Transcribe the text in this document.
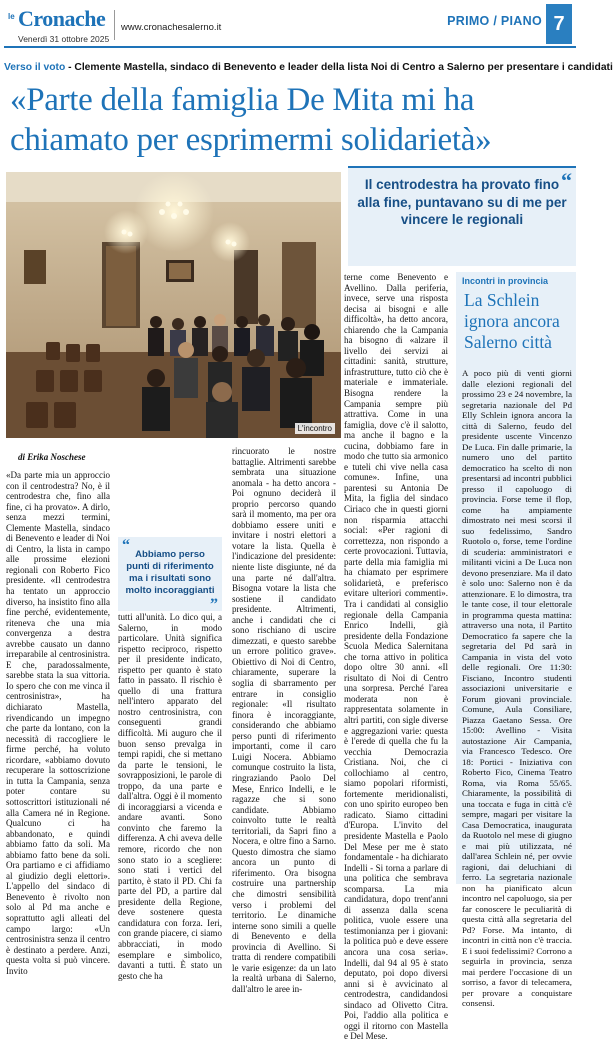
le Cronache
Venerdì 31 ottobre 2025
www.cronachesalerno.it	PRIMO / PIANO 7
Verso il voto - Clemente Mastella, sindaco di Benevento e leader della lista Noi di Centro a Salerno per presentare i candidati
«Parte della famiglia De Mita mi ha chiamato per esprimermi solidarietà»
L'incontro
“
Il centrodestra ha provato fino alla fine, puntavano su di me per vincere le regionali
di Erika Noschese

«Da parte mia un approccio con il centrodestra? No, è il centrodestra che, fino alla fine, ci ha provato». A dirlo, senza mezzi termini, Clemente Mastella, sindaco di Benevento e leader di Noi di Centro, la lista in campo alle prossime elezioni regionali con Roberto Fico presidente. «Il centrodestra ha tentato un approccio diverso, ha insistito fino alla fine perché, evidentemente, riteneva che una mia convergenza a destra avrebbe causato un danno irreparabile al centrosinistra. E che, paradossalmente, sarebbe stata la sua vittoria. Io spero che con me vinca il centrosinistra», ha dichiarato Mastella, rivendicando un impegno che parte da lontano, con la necessità di raccogliere le firme perché, ha voluto ricordare, «abbiamo dovuto recuperare la sottoscrizione in tutta la Campania, senza poter contare su sottoscrittori istituzionali né alla Camera né in Regione. Qualcuno ci ha abbandonato, e quindi abbiamo fatto da soli. Ma abbiamo fatto bene da soli. Ora partiamo e ci affidiamo al giudizio degli elettori». L'appello del sindaco di Benevento è rivolto non solo al Pd ma anche e soprattutto agli alleati del campo largo: «Un centrosinistra senza il centro è destinato a perdere. Anzi, questa volta si può vincere. Invito

tutti all'unità. Lo dico qui, a Salerno, in modo particolare. Unità significa rispetto reciproco, rispetto per il presidente indicato, rispetto per quanto è stato fatto in passato. Il rischio è quello di una frattura nell'intero apparato del nostro centrosinistra, con conseguenti grandi difficoltà. Mi auguro che il buon senso prevalga in tempi rapidi, che si mettano da parte le tensioni, le sovrapposizioni, le parole di troppo, da una parte e dall'altra. Oggi è il momento di incoraggiarsi a vicenda e andare avanti. Sono convinto che faremo la differenza. A chi aveva delle remore, ricordo che non sono stato io a scegliere: sono stati i vertici del partito, è stato il PD. Chi fa parte del PD, a partire dal presidente della Regione, deve sostenere questa candidatura con forza. Ieri, con grande piacere, ci siamo abbracciati, in modo esemplare e simbolico, davanti a tutti. È stato un gesto che ha

“
Abbiamo perso punti di riferimento ma i risultati sono molto incoraggianti
”

rincuorato le nostre battaglie. Altrimenti sarebbe sembrata una situazione anomala - ha detto ancora - Poi ognuno deciderà il proprio percorso quando sarà il momento, ma per ora dobbiamo essere uniti e invitare i nostri elettori a votare la lista. Quella è l'indicazione del presidente: niente liste disgiunte, né da una parte né dall'altra. Bisogna votare la lista che sostiene il candidato presidente. Altrimenti, anche i candidati che ci sono rischiano di uscire dimezzati, e questo sarebbe un errore politico grave». Obiettivo di Noi di Centro, chiaramente, superare la soglia di sbarramento per entrare in consiglio regionale: «Il risultato finora è incoraggiante, considerando che abbiamo perso punti di riferimento importanti, come il caro Luigi Nocera. Abbiamo comunque costruito la lista, ringraziando Paolo Del Mese, Enrico Indelli, e le ragazze che si sono candidate. Abbiamo coinvolto tutte le realtà territoriali, da Sapri fino a Nocera, e oltre fino a Sarno. Questo dimostra che siamo ancora un punto di riferimento. Ora bisogna costruire una partnership che dimostri sensibilità verso i problemi del territorio. Le dinamiche interne sono simili a quelle di Benevento e della provincia di Avellino. Si tratta di rendere compatibili le varie esigenze: da un lato la realtà urbana di Salerno, dall'altro le aree in-

terne come Benevento e Avellino. Dalla periferia, invece, serve una risposta decisa ai bisogni e alle difficoltà», ha detto ancora, chiarendo che la Campania ha bisogno di «alzare il livello dei servizi ai cittadini: sanità, strutture, infrastrutture, tutto ciò che è materiale e immateriale. Bisogna rendere la Campania sempre più attrattiva. Come in una famiglia, dove c'è il salotto, ma anche il bagno e la cucina, dobbiamo fare in modo che tutto sia armonico e tuteli chi vive nella casa comune». Infine, una parentesi su Antonia De Mita, la figlia del sindaco Ciriaco che in questi giorni non risparmia attacchi social: «Per ragioni di correttezza, non rispondo a certe provocazioni. Tuttavia, parte della mia famiglia mi ha chiamato per esprimere solidarietà, e preferisco evitare ulteriori commenti». Tra i candidati al consiglio regionale della Campania Enrico Indelli, già presidente della Fondazione Scuola Medica Salernitana che torna attivo in politica dopo oltre 30 anni. «Il risultato di Noi di Centro una sorpresa. Perché l'area moderata non è rappresentata solamente in altri partiti, con sigle diverse e aggregazioni varie: questa è l'erede di quella che fu la vecchia Democrazia Cristiana. Noi, che ci collochiamo al centro, siamo popolari riformisti, fortemente meridionalisti, con uno spirito europeo ben radicato. Siamo cittadini d'Europa. L'invito del presidente Mastella e Paolo Del Mese per me è stato fondamentale - ha dichiarato Indelli - Si torna a parlare di una politica che sembrava scomparsa. La mia candidatura, dopo trent'anni di assenza dalla scena politica, vuole essere una testimonianza per i giovani: la politica può e deve essere ancora una cosa seria». Indelli, dal 94 al 95 è stato deputato, poi dopo diversi anni si è avvicinato al centrodestra, candidandosi sindaco ad Olivetto Citra. Poi, l'addio alla politica e oggi il ritorno con Mastella e Del Mese.

Incontri in provincia
La Schlein ignora ancora Salerno città
A poco più di venti giorni dalle elezioni regionali del prossimo 23 e 24 novembre, la segretaria nazionale del Pd Elly Schlein ignora ancora la città di Salerno, feudo del presidente uscente Vincenzo De Luca. Fin dalle primarie, la numero uno del partito democratico ha scelto di non presentarsi ad incontri pubblici presso il capoluogo di provincia. Forse teme il flop, come ha ampiamente dimostrato nei mesi scorsi il suo fedelissimo, Sandro Ruotolo o, forse, teme l'ordine di scuderia: amministratori e militanti vicini a De Luca non devono presenziare. Ma il dato è solo uno: Salerno non è da attenzionare. E lo dimostra, tra le tante cose, il tour elettorale in programma questa mattina: attraverso una nota, il Partito Democratico fa sapere che la segretaria del Pd sarà in Campania in vista del voto delle regionali. Ore 11:30: Fisciano, Incontro studenti associazioni universitarie e Forum giovani provinciale. Comune, Aula Consiliare, Piazza Gaetano Sessa. Ore 15:00: Avellino - Visita autostazione Air Campania, via Francesco Tedesco. Ore 18: Portici - Iniziativa con Roberto Fico, Cinema Teatro Roma, via Roma 55/65. Chiaramente, la possibilità di una toccata e fuga in città c'è sempre, magari per visitare la Casa Democratica, inaugurata da Ruotolo nel mese di giugno e mai più utilizzata, né dall'area Schlein né, per ovvie ragioni, dai deluchiani di ferro. La segretaria nazionale non ha pianificato alcun incontro nel capoluogo, sia per far conoscere le peculiarità di questa città alla segretaria del Pd? Forse. Ma intanto, di incontri in città non c'è traccia. E i suoi fedelissimi? Corrono a seguirla in provincia, senza mai perdere l'occasione di un sorriso, a favor di telecamera, per provare a conquistare consensi.
